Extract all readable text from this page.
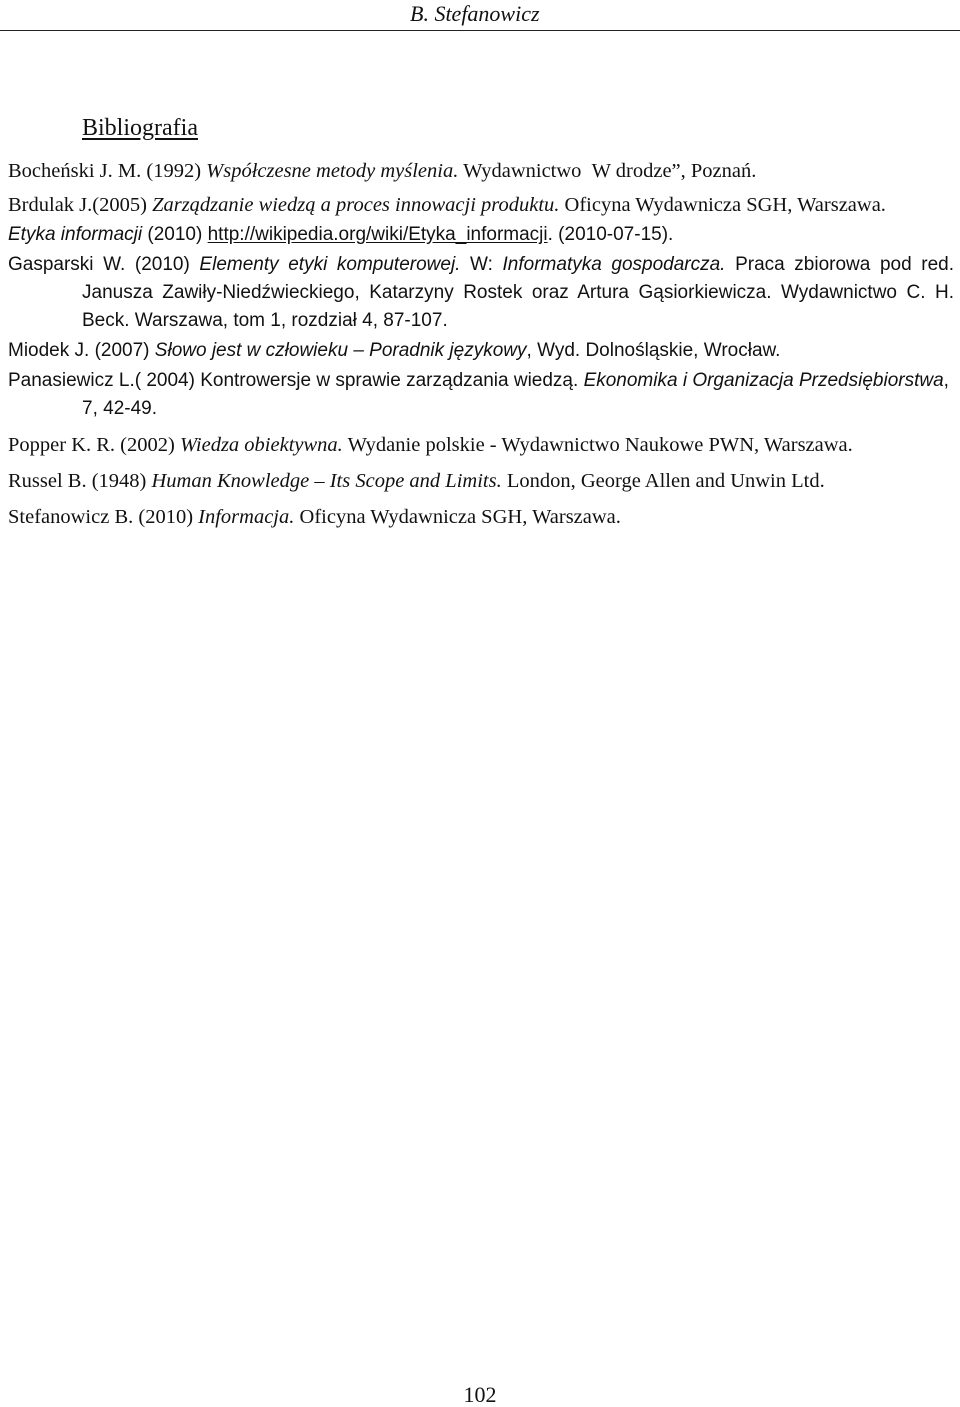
B. Stefanowicz
Bibliografia
Bocheński J. M. (1992) Współczesne metody myślenia. Wydawnictwo  W drodze”, Poznań.
Brdulak J.(2005) Zarządzanie wiedzą a proces innowacji produktu. Oficyna Wydawnicza SGH, Warszawa.
Etyka informacji (2010) http://wikipedia.org/wiki/Etyka_informacji. (2010-07-15).
Gasparski W. (2010) Elementy etyki komputerowej. W: Informatyka gospodarcza. Praca zbiorowa pod red. Janusza Zawiły-Niedźwieckiego, Katarzyny Rostek oraz Artura Gąsiorkiewicza. Wydawnictwo C. H. Beck. Warszawa, tom 1, rozdział 4, 87-107.
Miodek J. (2007) Słowo jest w człowieku – Poradnik językowy, Wyd. Dolnośląskie, Wrocław.
Panasiewicz L.( 2004) Kontrowersje w sprawie zarządzania wiedzą. Ekonomika i Organizacja Przedsiębiorstwa, 7, 42-49.
Popper K. R. (2002) Wiedza obiektywna. Wydanie polskie - Wydawnictwo Naukowe PWN, Warszawa.
Russel B. (1948) Human Knowledge – Its Scope and Limits. London, George Allen and Unwin Ltd.
Stefanowicz B. (2010) Informacja. Oficyna Wydawnicza SGH, Warszawa.
102
